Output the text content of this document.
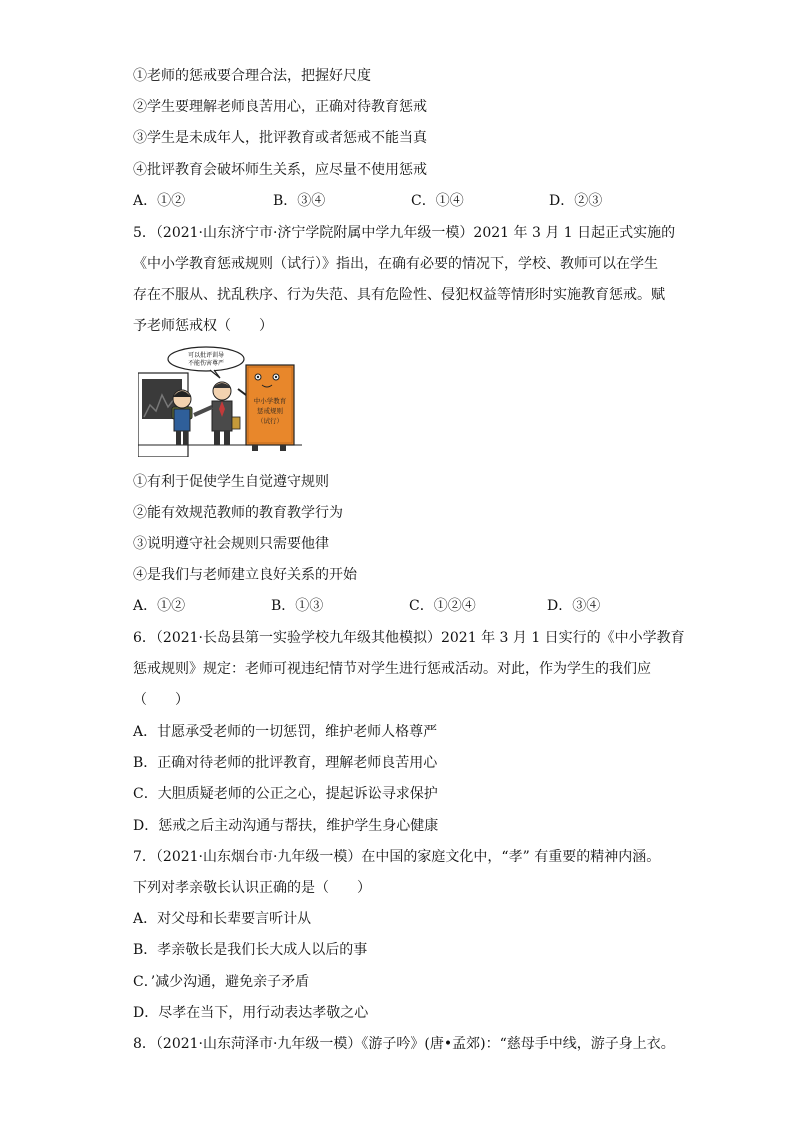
①老师的惩戒要合理合法，把握好尺度

②学生要理解老师良苦用心，正确对待教育惩戒

③学生是未成年人，批评教育或者惩戒不能当真

④批评教育会破坏师生关系，应尽量不使用惩戒

A．①②	B．③④	C．①④	D．②③

5．（2021·山东济宁市·济宁学院附属中学九年级一模）2021 年 3 月 1 日起正式实施的

《中小学教育惩戒规则（试行）》指出，在确有必要的情况下，学校、教师可以在学生

存在不服从、扰乱秩序、行为失范、具有危险性、侵犯权益等情形时实施教育惩戒。赋

予老师惩戒权（　　）

可以批评训导
不能伤害尊严
中小学教育
惩戒规则
（试行）

①有利于促使学生自觉遵守规则

②能有效规范教师的教育教学行为

③说明遵守社会规则只需要他律

④是我们与老师建立良好关系的开始

A．①②	B．①③	C．①②④	D．③④

6．（2021·长岛县第一实验学校九年级其他模拟）2021 年 3 月 1 日实行的《中小学教育

惩戒规则》规定：老师可视违纪情节对学生进行惩戒活动。对此，作为学生的我们应

（　　）

A．甘愿承受老师的一切惩罚，维护老师人格尊严

B．正确对待老师的批评教育，理解老师良苦用心

C．大胆质疑老师的公正之心，提起诉讼寻求保护

D．惩戒之后主动沟通与帮扶，维护学生身心健康

7．（2021·山东烟台市·九年级一模）在中国的家庭文化中，“孝” 有重要的精神内涵。

下列对孝亲敬长认识正确的是（　　）

A．对父母和长辈要言听计从

B．孝亲敬长是我们长大成人以后的事

C．’减少沟通，避免亲子矛盾

D．尽孝在当下，用行动表达孝敬之心

8．（2021·山东菏泽市·九年级一模）《游子吟》(唐•孟郊)：“慈母手中线，游子身上衣。
